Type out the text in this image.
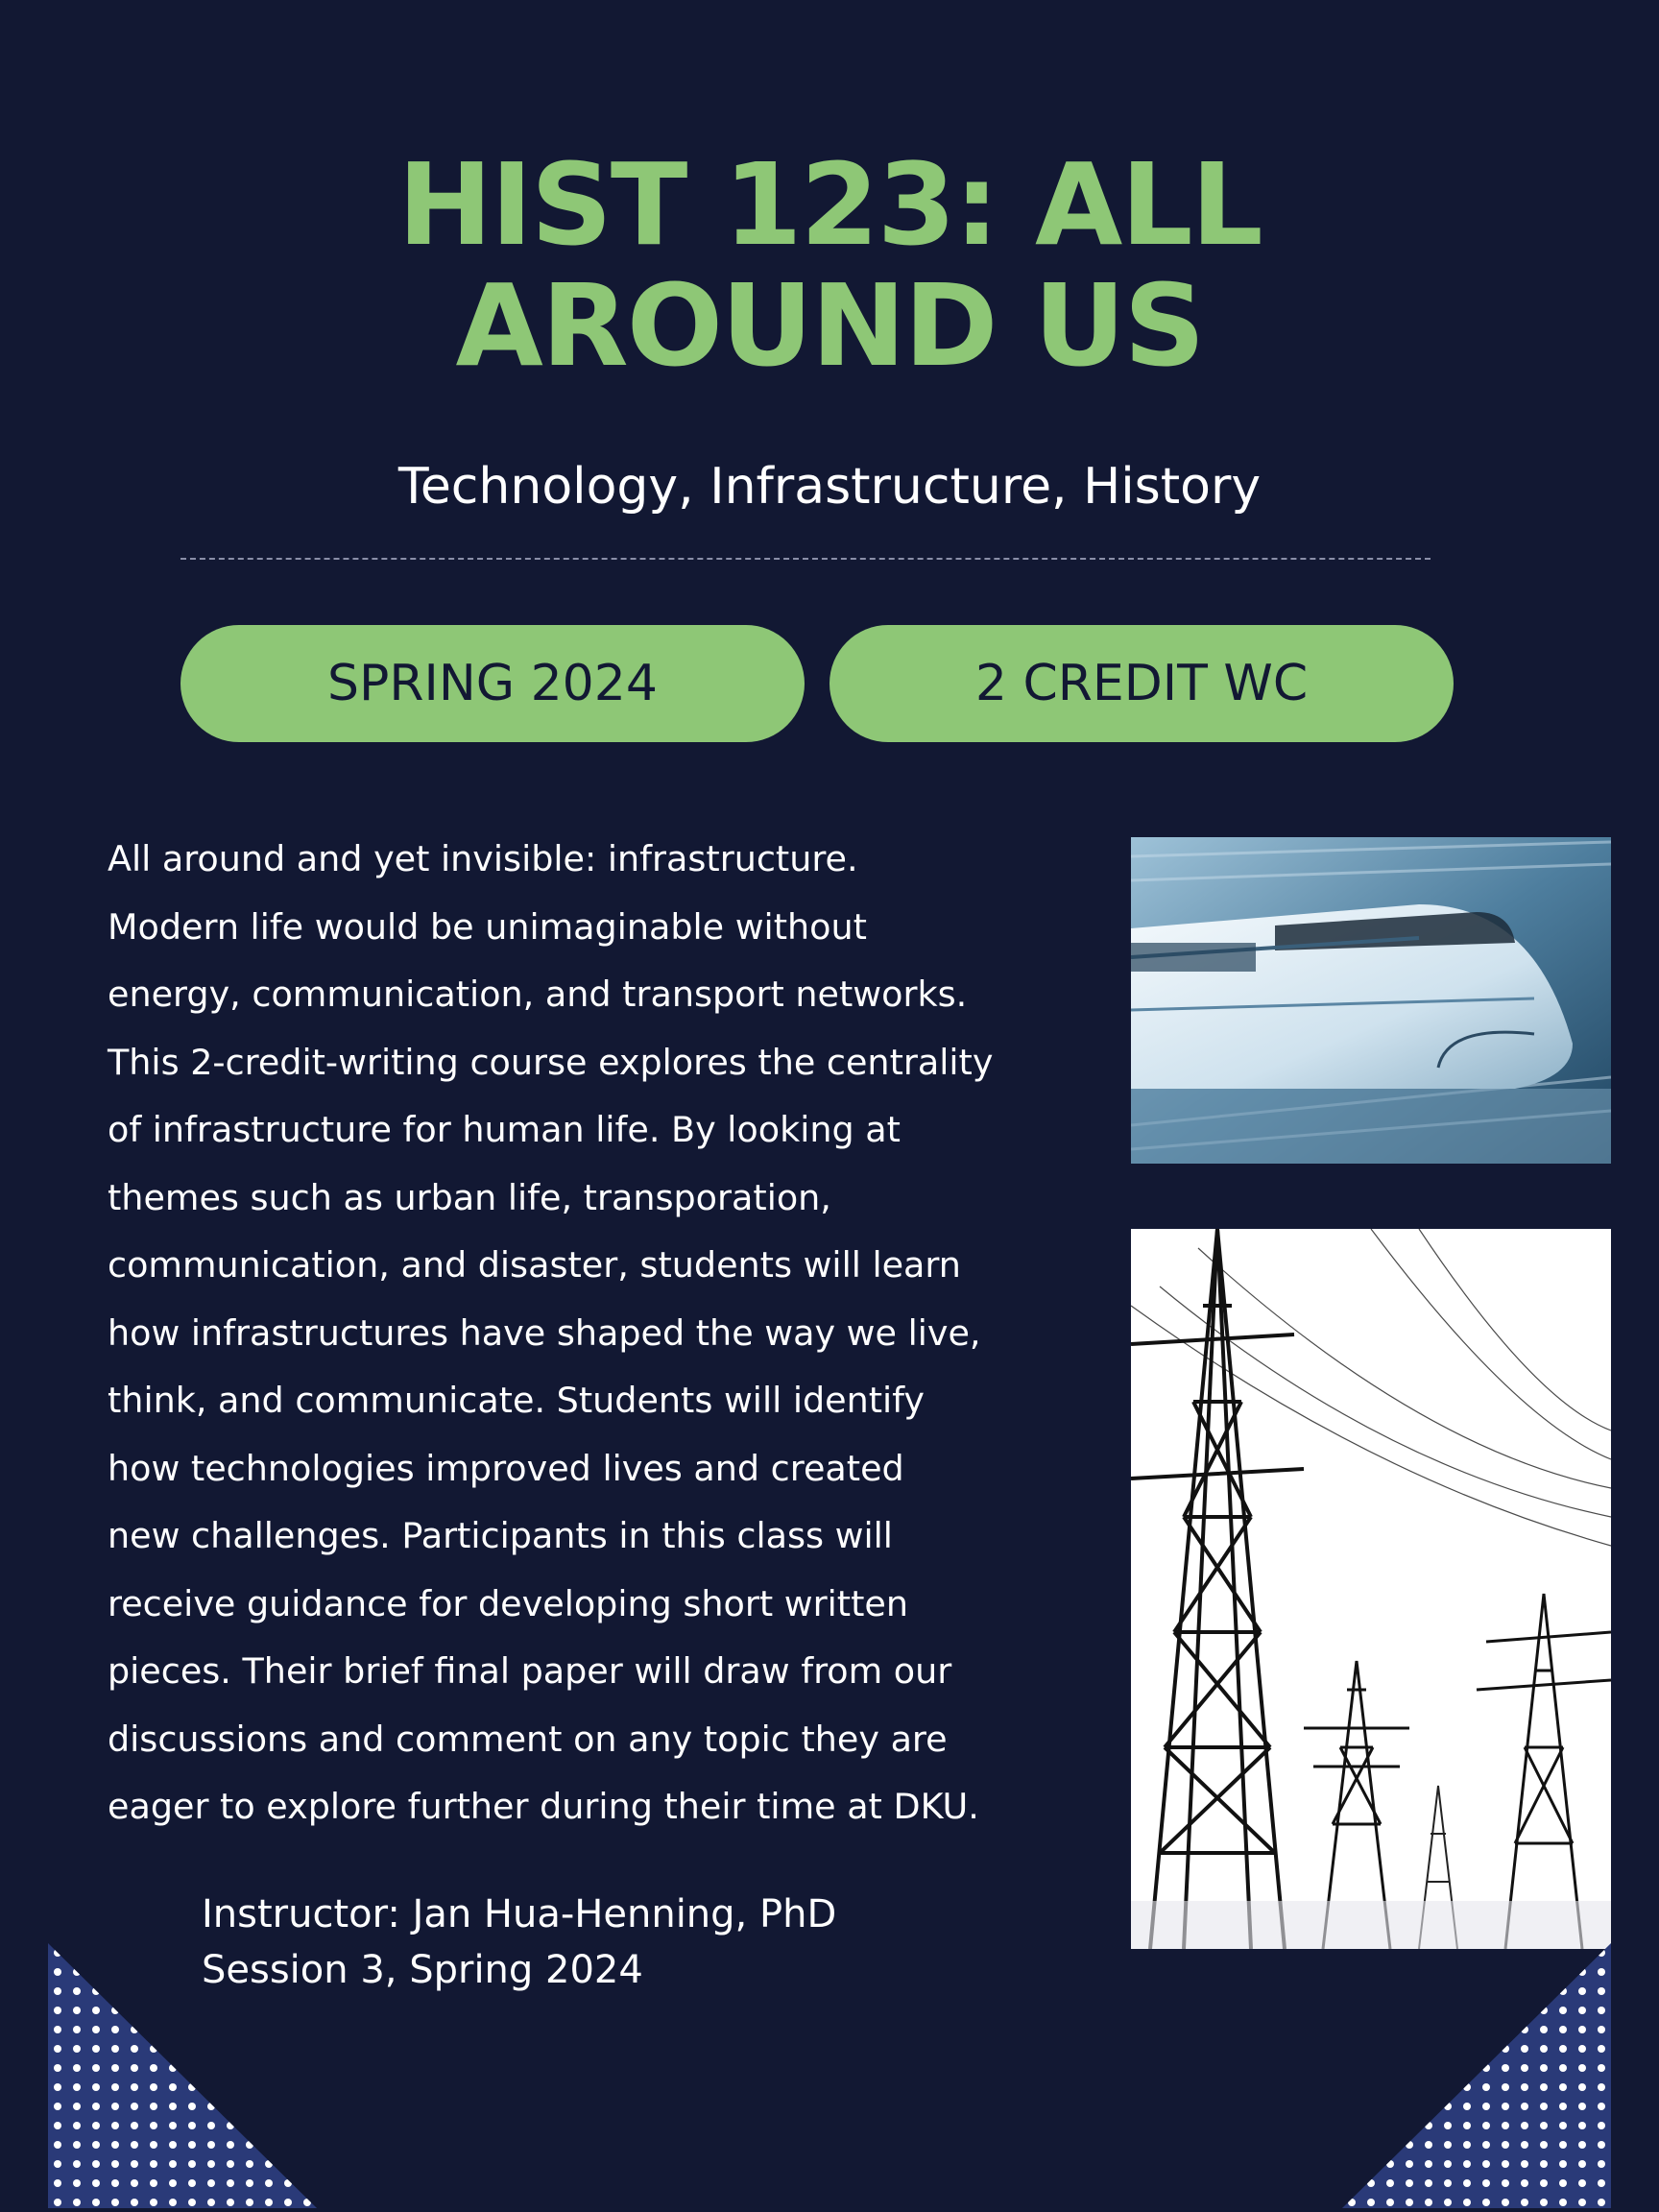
HIST 123: ALL
AROUND US
Technology, Infrastructure, History
SPRING 2024	2 CREDIT WC

All around and yet invisible: infrastructure.
Modern life would be unimaginable without
energy, communication, and transport networks.
This 2-credit-writing course explores the centrality
of infrastructure for human life. By looking at
themes such as urban life, transporation,
communication, and disaster, students will learn
how infrastructures have shaped the way we live,
think, and communicate. Students will identify
how technologies improved lives and created
new challenges. Participants in this class will
receive guidance for developing short written
pieces. Their brief final paper will draw from our
discussions and comment on any topic they are
eager to explore further during their time at DKU.

Instructor: Jan Hua-Henning, PhD
Session 3, Spring 2024
